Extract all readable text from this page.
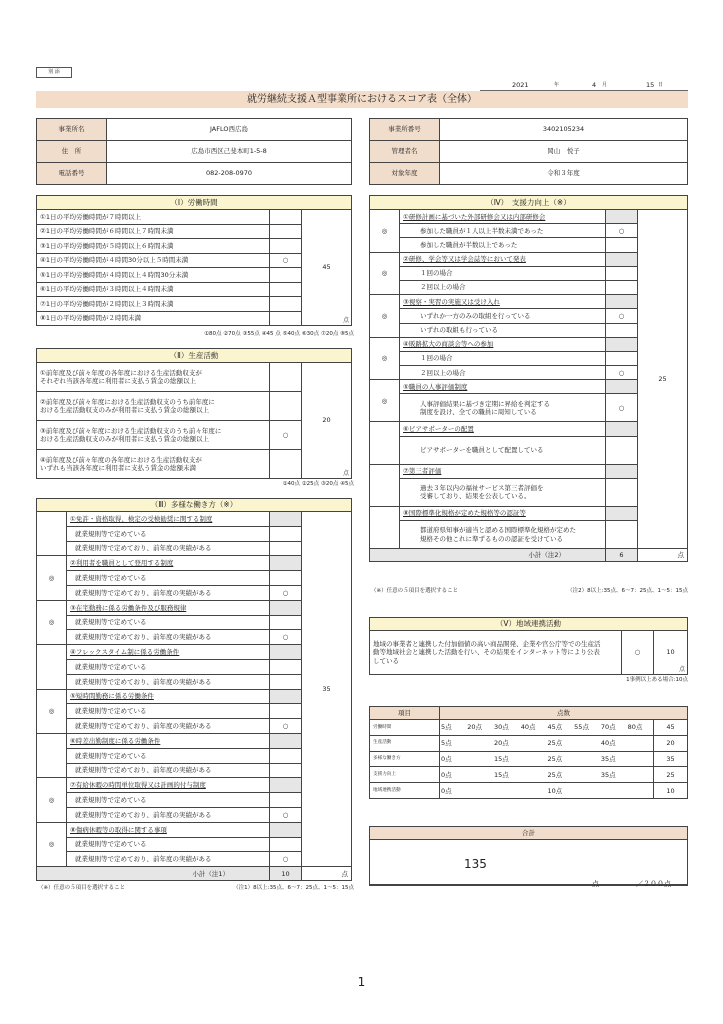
別 添
2021	年	4 月	15 日
就労継続支援Ａ型事業所におけるスコア表（全体）
事業所名	JAFLO西広島
住　所	広島市西区己斐本町1-5-8
電話番号	082-208-0970
事業所番号	3402105234
管理者名	岡山　悦子
対象年度	令和３年度
（Ⅰ）労働時間		
①1日の平均労働時間が７時間以上		45
点

②1日の平均労働時間が６時間以上７時間未満		
③1日の平均労働時間が５時間以上６時間未満		
④1日の平均労働時間が４時間30分以上５時間未満	○	
⑤1日の平均労働時間が４時間以上４時間30分未満		
⑥1日の平均労働時間が３時間以上４時間未満		
⑦1日の平均労働時間が２時間以上３時間未満		
⑧1日の平均労働時間が２時間未満		
①80点 ②70点 ③55点 ④45 点 ⑤40点 ⑥30点 ⑦20点 ⑧5点
（Ⅱ）生産活動		
①前年度及び前々年度の各年度における生産活動収支が
それぞれ当該各年度に利用者に支払う賃金の総額以上		20
点

②前年度及び前々年度における生産活動収支のうち前年度に
おける生産活動収支のみが利用者に支払う賃金の総額以上		
③前年度及び前々年度における生産活動収支のうち前々年度に
おける生産活動収支のみが利用者に支払う賃金の総額以上	○	
④前年度及び前々年度の各年度における生産活動収支が
いずれも当該各年度に利用者に支払う賃金の総額未満		
①40点 ②25点 ③20点 ④5点
（Ⅲ）多様な働き方（※）			
	①免許・資格取得、検定の受検勧奨に関する制度		35
	就業規則等で定めている		
	就業規則等で定めており、前年度の実績がある		
◎	②利用者を職員として登用する制度		
	就業規則等で定めている		
	就業規則等で定めており、前年度の実績がある	○	
◎	③在宅勤務に係る労働条件及び服務規律		
	就業規則等で定めている		
	就業規則等で定めており、前年度の実績がある	○	
	④フレックスタイム制に係る労働条件		
	就業規則等で定めている		
	就業規則等で定めており、前年度の実績がある		
◎	⑤短時間勤務に係る労働条件		
	就業規則等で定めている		
	就業規則等で定めており、前年度の実績がある	○	
	⑥時差出勤制度に係る労働条件		
	就業規則等で定めている		
	就業規則等で定めており、前年度の実績がある		
◎	⑦有給休暇の時間単位取得又は計画的付与制度		
	就業規則等で定めている		
	就業規則等で定めており、前年度の実績がある	○	
◎	⑧傷病休暇等の取得に関する事項		
	就業規則等で定めている		
	就業規則等で定めており、前年度の実績がある	○	
小計（注1）		10	点
（※）任意の５項目を選択すること	（注1）8以上:35点、6～7：25点、1～5：15点
（Ⅳ）　支援力向上（※）			
◎	①研修計画に基づいた外部研修会又は内部研修会		25
	参加した職員が１人以上半数未満であった	○	
	参加した職員が半数以上であった		
◎	②研修、学会等又は学会誌等において発表		
	１回の場合		
	２回以上の場合		
◎	③視察・実習の実施又は受け入れ		
	いずれか一方のみの取組を行っている	○	
	いずれの取組も行っている		
◎	④販路拡大の商談会等への参加		
	１回の場合		
	２回以上の場合	○	
◎	⑤職員の人事評価制度		
	人事評価結果に基づき定期に昇給を判定する
制度を設け、全ての職員に周知している	○	
	⑥ピアサポーターの配置		
	ピアサポーターを職員として配置している		
	⑦第三者評価		
	過去３年以内の福祉サービス第三者評価を
受審しており、結果を公表している。		
	⑧国際標準化規格が定めた規格等の認証等		
	都道府県知事が適当と認める国際標準化規格が定めた
規格その他これに準ずるものの認証を受けている		
小計（注2）		6	点
（※）任意の５項目を選択すること	（注2）8以上:35点、6～7：25点、1～5：15点
（Ⅴ）地域連携活動
地域の事業者と連携した付加価値の高い商品開発、企業や官公庁等での生産活
動等地域社会と連携した活動を行い、その結果をインターネット等により公表
している	○	10
点
1事例以上ある場合:10点
項目	点数								
労働時間	5点	20点	30点	40点	45点	55点	70点	80点	45
生産活動	5点		20点		25点		40点		20
多様な働き方	0点		15点		25点		35点		35
支援力向上	0点		15点		25点		35点		25
地域連携活動	0点				10点				10
合計
135
点	／２００点
1
